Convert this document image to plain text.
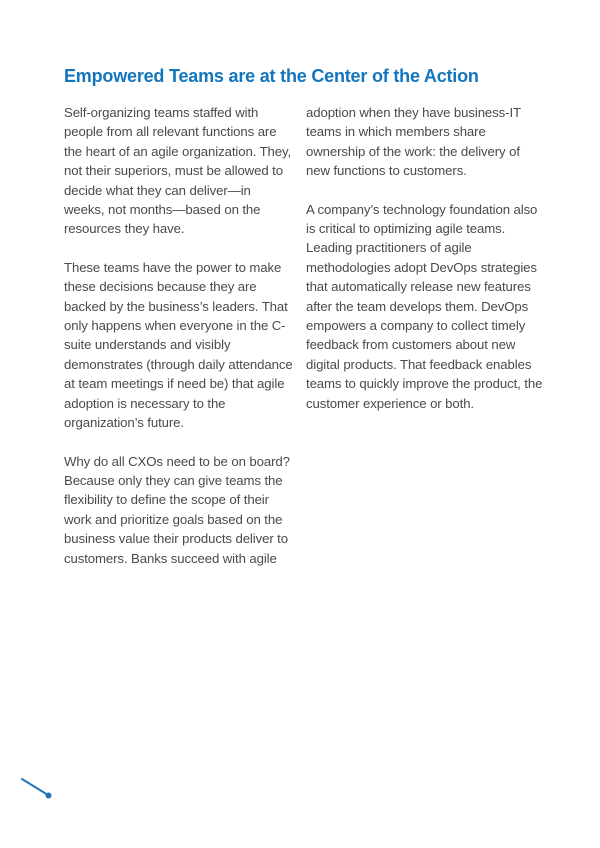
Empowered Teams are at the Center of the Action

Self-organizing teams staffed with people from all relevant functions are the heart of an agile organization. They, not their superiors, must be allowed to decide what they can deliver—in weeks, not months—based on the resources they have.

These teams have the power to make these decisions because they are backed by the business’s leaders. That only happens when everyone in the C-suite understands and visibly demonstrates (through daily attendance at team meetings if need be) that agile adoption is necessary to the organization’s future.

Why do all CXOs need to be on board? Because only they can give teams the flexibility to define the scope of their work and prioritize goals based on the business value their products deliver to customers. Banks succeed with agile

adoption when they have business-IT teams in which members share ownership of the work: the delivery of new functions to customers.

A company’s technology foundation also is critical to optimizing agile teams. Leading practitioners of agile methodologies adopt DevOps strategies that automatically release new features after the team develops them. DevOps empowers a company to collect timely feedback from customers about new digital products. That feedback enables teams to quickly improve the product, the customer experience or both.
